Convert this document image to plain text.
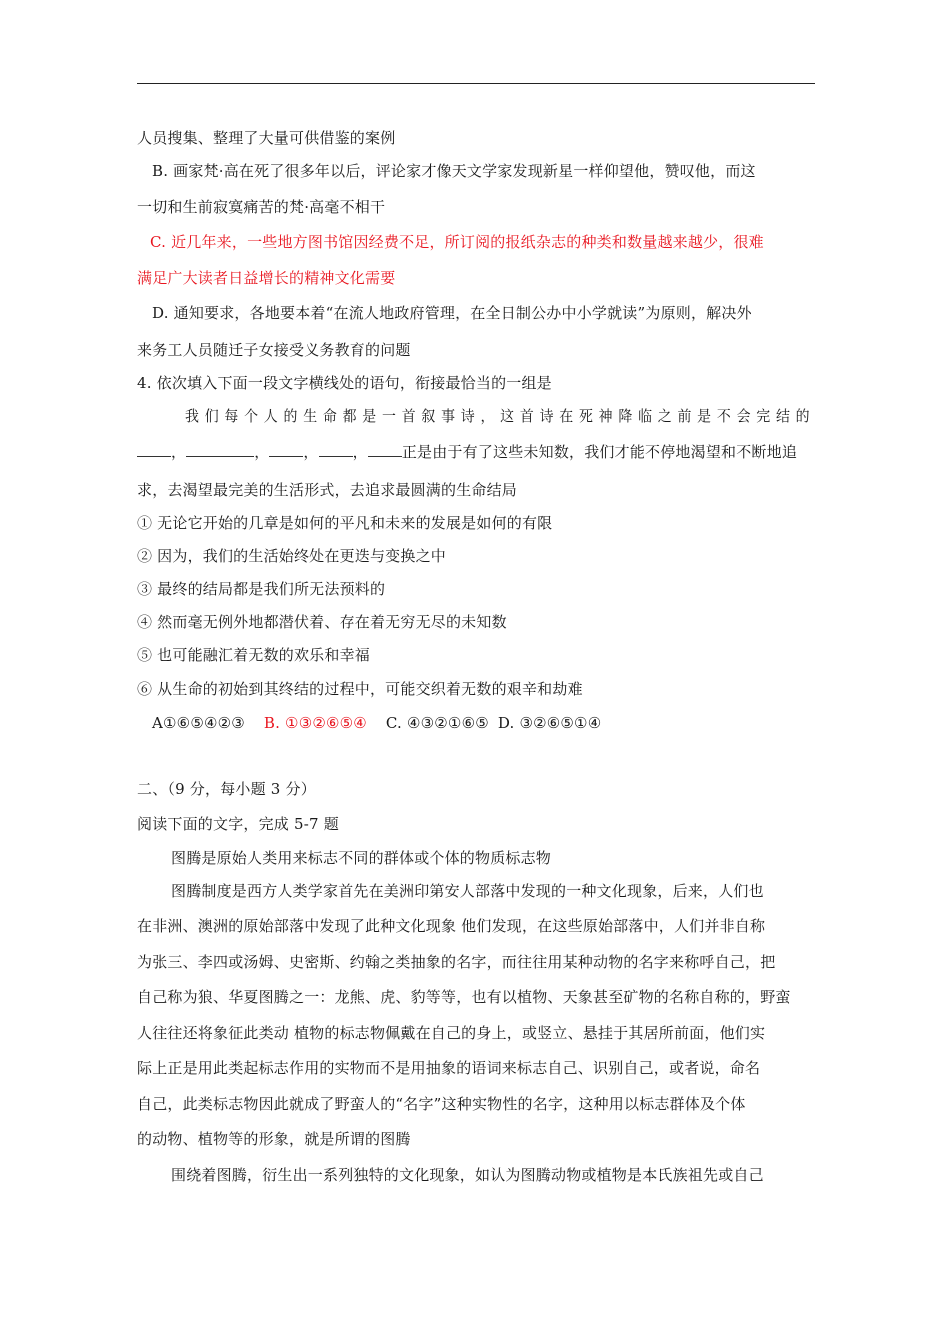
人员搜集、整理了大量可供借鉴的案例
B. 画家梵·高在死了很多年以后，评论家才像天文学家发现新星一样仰望他，赞叹他，而这
一切和生前寂寞痛苦的梵·高毫不相干
C. 近几年来，一些地方图书馆因经费不足，所订阅的报纸杂志的种类和数量越来越少，很难
满足广大读者日益增长的精神文化需要
D. 通知要求，各地要本着“在流人地政府管理，在全日制公办中小学就读”为原则，解决外
来务工人员随迁子女接受义务教育的问题
4. 依次填入下面一段文字横线处的语句，衔接最恰当的一组是
我们每个人的生命都是一首叙事诗，这首诗在死神降临之前是不会完结的
，	， ， ， 正是由于有了这些未知数，我们才能不停地渴望和不断地追
求，去渴望最完美的生活形式，去追求最圆满的生命结局
① 无论它开始的几章是如何的平凡和未来的发展是如何的有限
② 因为，我们的生活始终处在更迭与变换之中
③ 最终的结局都是我们所无法预料的
④ 然而毫无例外地都潜伏着、存在着无穷无尽的未知数
⑤ 也可能融汇着无数的欢乐和幸福
⑥ 从生命的初始到其终结的过程中，可能交织着无数的艰辛和劫难
A①⑥⑤④②③ B. ①③②⑥⑤④ C. ④③②①⑥⑤ D. ③②⑥⑤①④
二、（9 分，每小题 3 分）
阅读下面的文字，完成 5-7 题
图腾是原始人类用来标志不同的群体或个体的物质标志物
图腾制度是西方人类学家首先在美洲印第安人部落中发现的一种文化现象，后来，人们也
在非洲、澳洲的原始部落中发现了此种文化现象 他们发现，在这些原始部落中，人们并非自称
为张三、李四或汤姆、史密斯、约翰之类抽象的名字，而往往用某种动物的名字来称呼自己，把
自己称为狼、华夏图腾之一：龙熊、虎、豹等等，也有以植物、天象甚至矿物的名称自称的，野蛮
人往往还将象征此类动 植物的标志物佩戴在自己的身上，或竖立、悬挂于其居所前面，他们实
际上正是用此类起标志作用的实物而不是用抽象的语词来标志自己、识别自己，或者说，命名
自己，此类标志物因此就成了野蛮人的“名字”这种实物性的名字，这种用以标志群体及个体
的动物、植物等的形象，就是所谓的图腾
围绕着图腾，衍生出一系列独特的文化现象，如认为图腾动物或植物是本氏族祖先或自己
